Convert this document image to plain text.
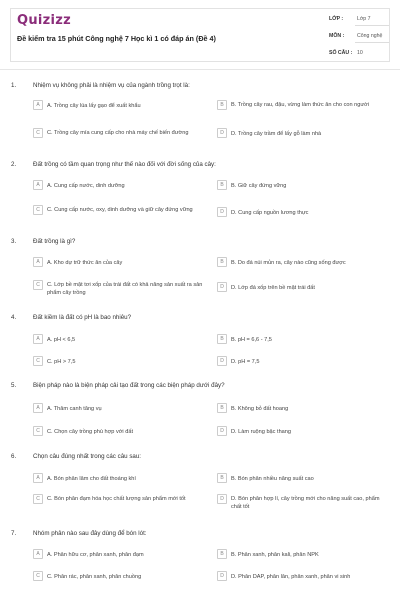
Quizizz
Đề kiểm tra 15 phút Công nghệ 7 Học kì 1 có đáp án (Đề 4)
LỚP :	Lớp 7
MÔN : Công nghệ
SỐ CÂU : 10
1.	Nhiệm vụ không phải là nhiệm vụ của ngành trồng trọt là:
A	A. Trồng cây lúa lấy gạo để xuất khẩu	B	B. Trồng cây rau, đậu, vừng làm thức ăn cho con người
C	C. Trồng cây mía cung cấp cho nhà máy chế biến đường	D	D. Trồng cây trầm để lấy gỗ làm nhà
2.	Đất trồng có tầm quan trọng như thế nào đối với đời sống của cây:
A	A. Cung cấp nước, dinh dưỡng	B	B. Giữ cây đứng vững
C	C. Cung cấp nước, oxy, dinh dưỡng và giữ cây đứng vững	D	D. Cung cấp nguồn lương thực
3.	Đất trồng là gì?
A	A. Kho dự trữ thức ăn của cây	B	B. Do đá núi mủn ra, cây nào cũng sống được
C	C. Lớp bề mặt tơi xốp của trái đất có khả năng sản xuất ra sản phẩm cây trồng
D	D. Lớp đá xốp trên bề mặt trái đất
4.	Đất kiềm là đất có pH là bao nhiêu?
A	A. pH < 6,5	B	B. pH = 6,6 - 7,5
C	C. pH > 7,5	D	D. pH = 7,5
5.	Biện pháp nào là biện pháp cải tạo đất trong các biện pháp dưới đây?
A	A. Thâm canh tăng vụ	B	B. Không bỏ đất hoang
C	C. Chọn cây trồng phù hợp với đất	D	D. Làm ruộng bậc thang
6.	Chọn câu đúng nhất trong các câu sau:
A	A. Bón phân lâm cho đất thoáng khí	B	B. Bón phân nhiều năng suất cao
C	C. Bón phân đạm hóa học chất lượng sản phẩm mới tốt	D	D. Bón phân hợp lí, cây trồng mới cho năng suất cao, phẩm chất tốt
7.	Nhóm phân nào sau đây dùng để bón lót:
A	A. Phân hữu cơ, phân xanh, phân đạm	B	B. Phân xanh, phân kali, phân NPK
C	C. Phân rác, phân xanh, phân chuồng	D	D. Phân DAP, phân lân, phân xanh, phân vi sinh
